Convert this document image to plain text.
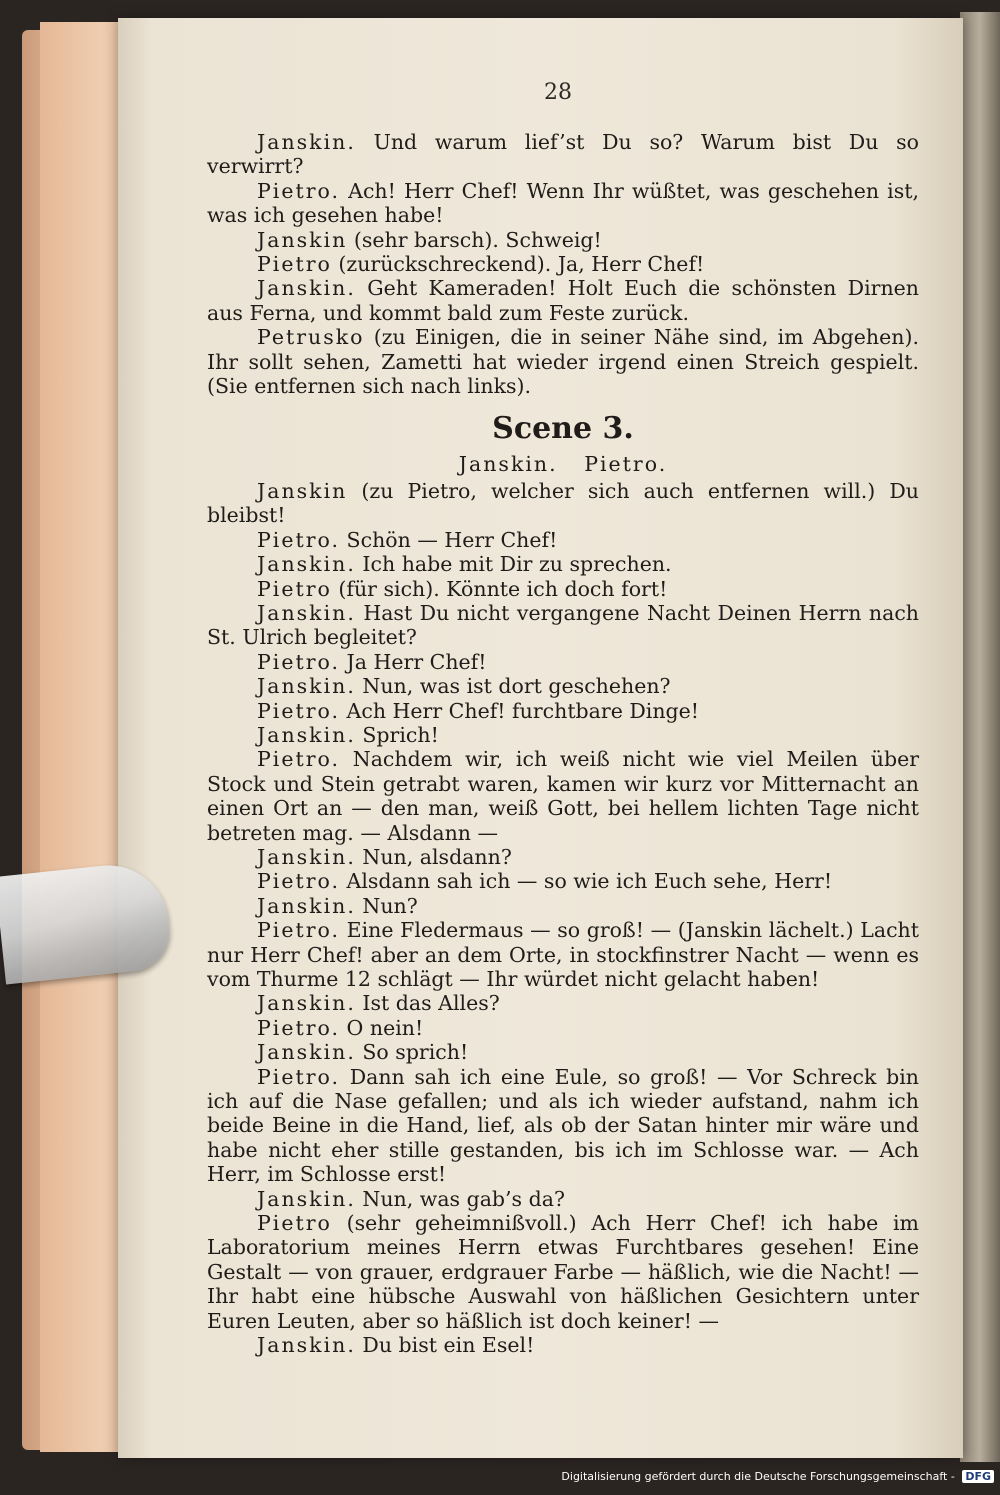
28

Janskin. Und warum lief’st Du so? Warum bist Du so verwirrt?

Pietro. Ach! Herr Chef! Wenn Ihr wüßtet, was geschehen ist, was ich gesehen habe!

Janskin (sehr barsch). Schweig!

Pietro (zurückschreckend). Ja, Herr Chef!

Janskin. Geht Kameraden! Holt Euch die schönsten Dirnen aus Ferna, und kommt bald zum Feste zurück.

Petrusko (zu Einigen, die in seiner Nähe sind, im Abgehen). Ihr sollt sehen, Zametti hat wieder irgend einen Streich gespielt. (Sie entfernen sich nach links).

Scene 3.
Janskin. Pietro.

Janskin (zu Pietro, welcher sich auch entfernen will.) Du bleibst!

Pietro. Schön — Herr Chef!

Janskin. Ich habe mit Dir zu sprechen.

Pietro (für sich). Könnte ich doch fort!

Janskin. Hast Du nicht vergangene Nacht Deinen Herrn nach St. Ulrich begleitet?

Pietro. Ja Herr Chef!

Janskin. Nun, was ist dort geschehen?

Pietro. Ach Herr Chef! furchtbare Dinge!

Janskin. Sprich!

Pietro. Nachdem wir, ich weiß nicht wie viel Meilen über Stock und Stein getrabt waren, kamen wir kurz vor Mitternacht an einen Ort an — den man, weiß Gott, bei hellem lichten Tage nicht betreten mag. — Alsdann —

Janskin. Nun, alsdann?

Pietro. Alsdann sah ich — so wie ich Euch sehe, Herr!

Janskin. Nun?

Pietro. Eine Fledermaus — so groß! — (Janskin lächelt.) Lacht nur Herr Chef! aber an dem Orte, in stockfinstrer Nacht — wenn es vom Thurme 12 schlägt — Ihr würdet nicht gelacht haben!

Janskin. Ist das Alles?

Pietro. O nein!

Janskin. So sprich!

Pietro. Dann sah ich eine Eule, so groß! — Vor Schreck bin ich auf die Nase gefallen; und als ich wieder aufstand, nahm ich beide Beine in die Hand, lief, als ob der Satan hinter mir wäre und habe nicht eher stille gestanden, bis ich im Schlosse war. — Ach Herr, im Schlosse erst!

Janskin. Nun, was gab’s da?

Pietro (sehr geheimnißvoll.) Ach Herr Chef! ich habe im Laboratorium meines Herrn etwas Furchtbares gesehen! Eine Gestalt — von grauer, erdgrauer Farbe — häßlich, wie die Nacht! — Ihr habt eine hübsche Auswahl von häßlichen Gesichtern unter Euren Leuten, aber so häßlich ist doch keiner! —

Janskin. Du bist ein Esel!

Digitalisierung gefördert durch die Deutsche Forschungsgemeinschaft - DFG
